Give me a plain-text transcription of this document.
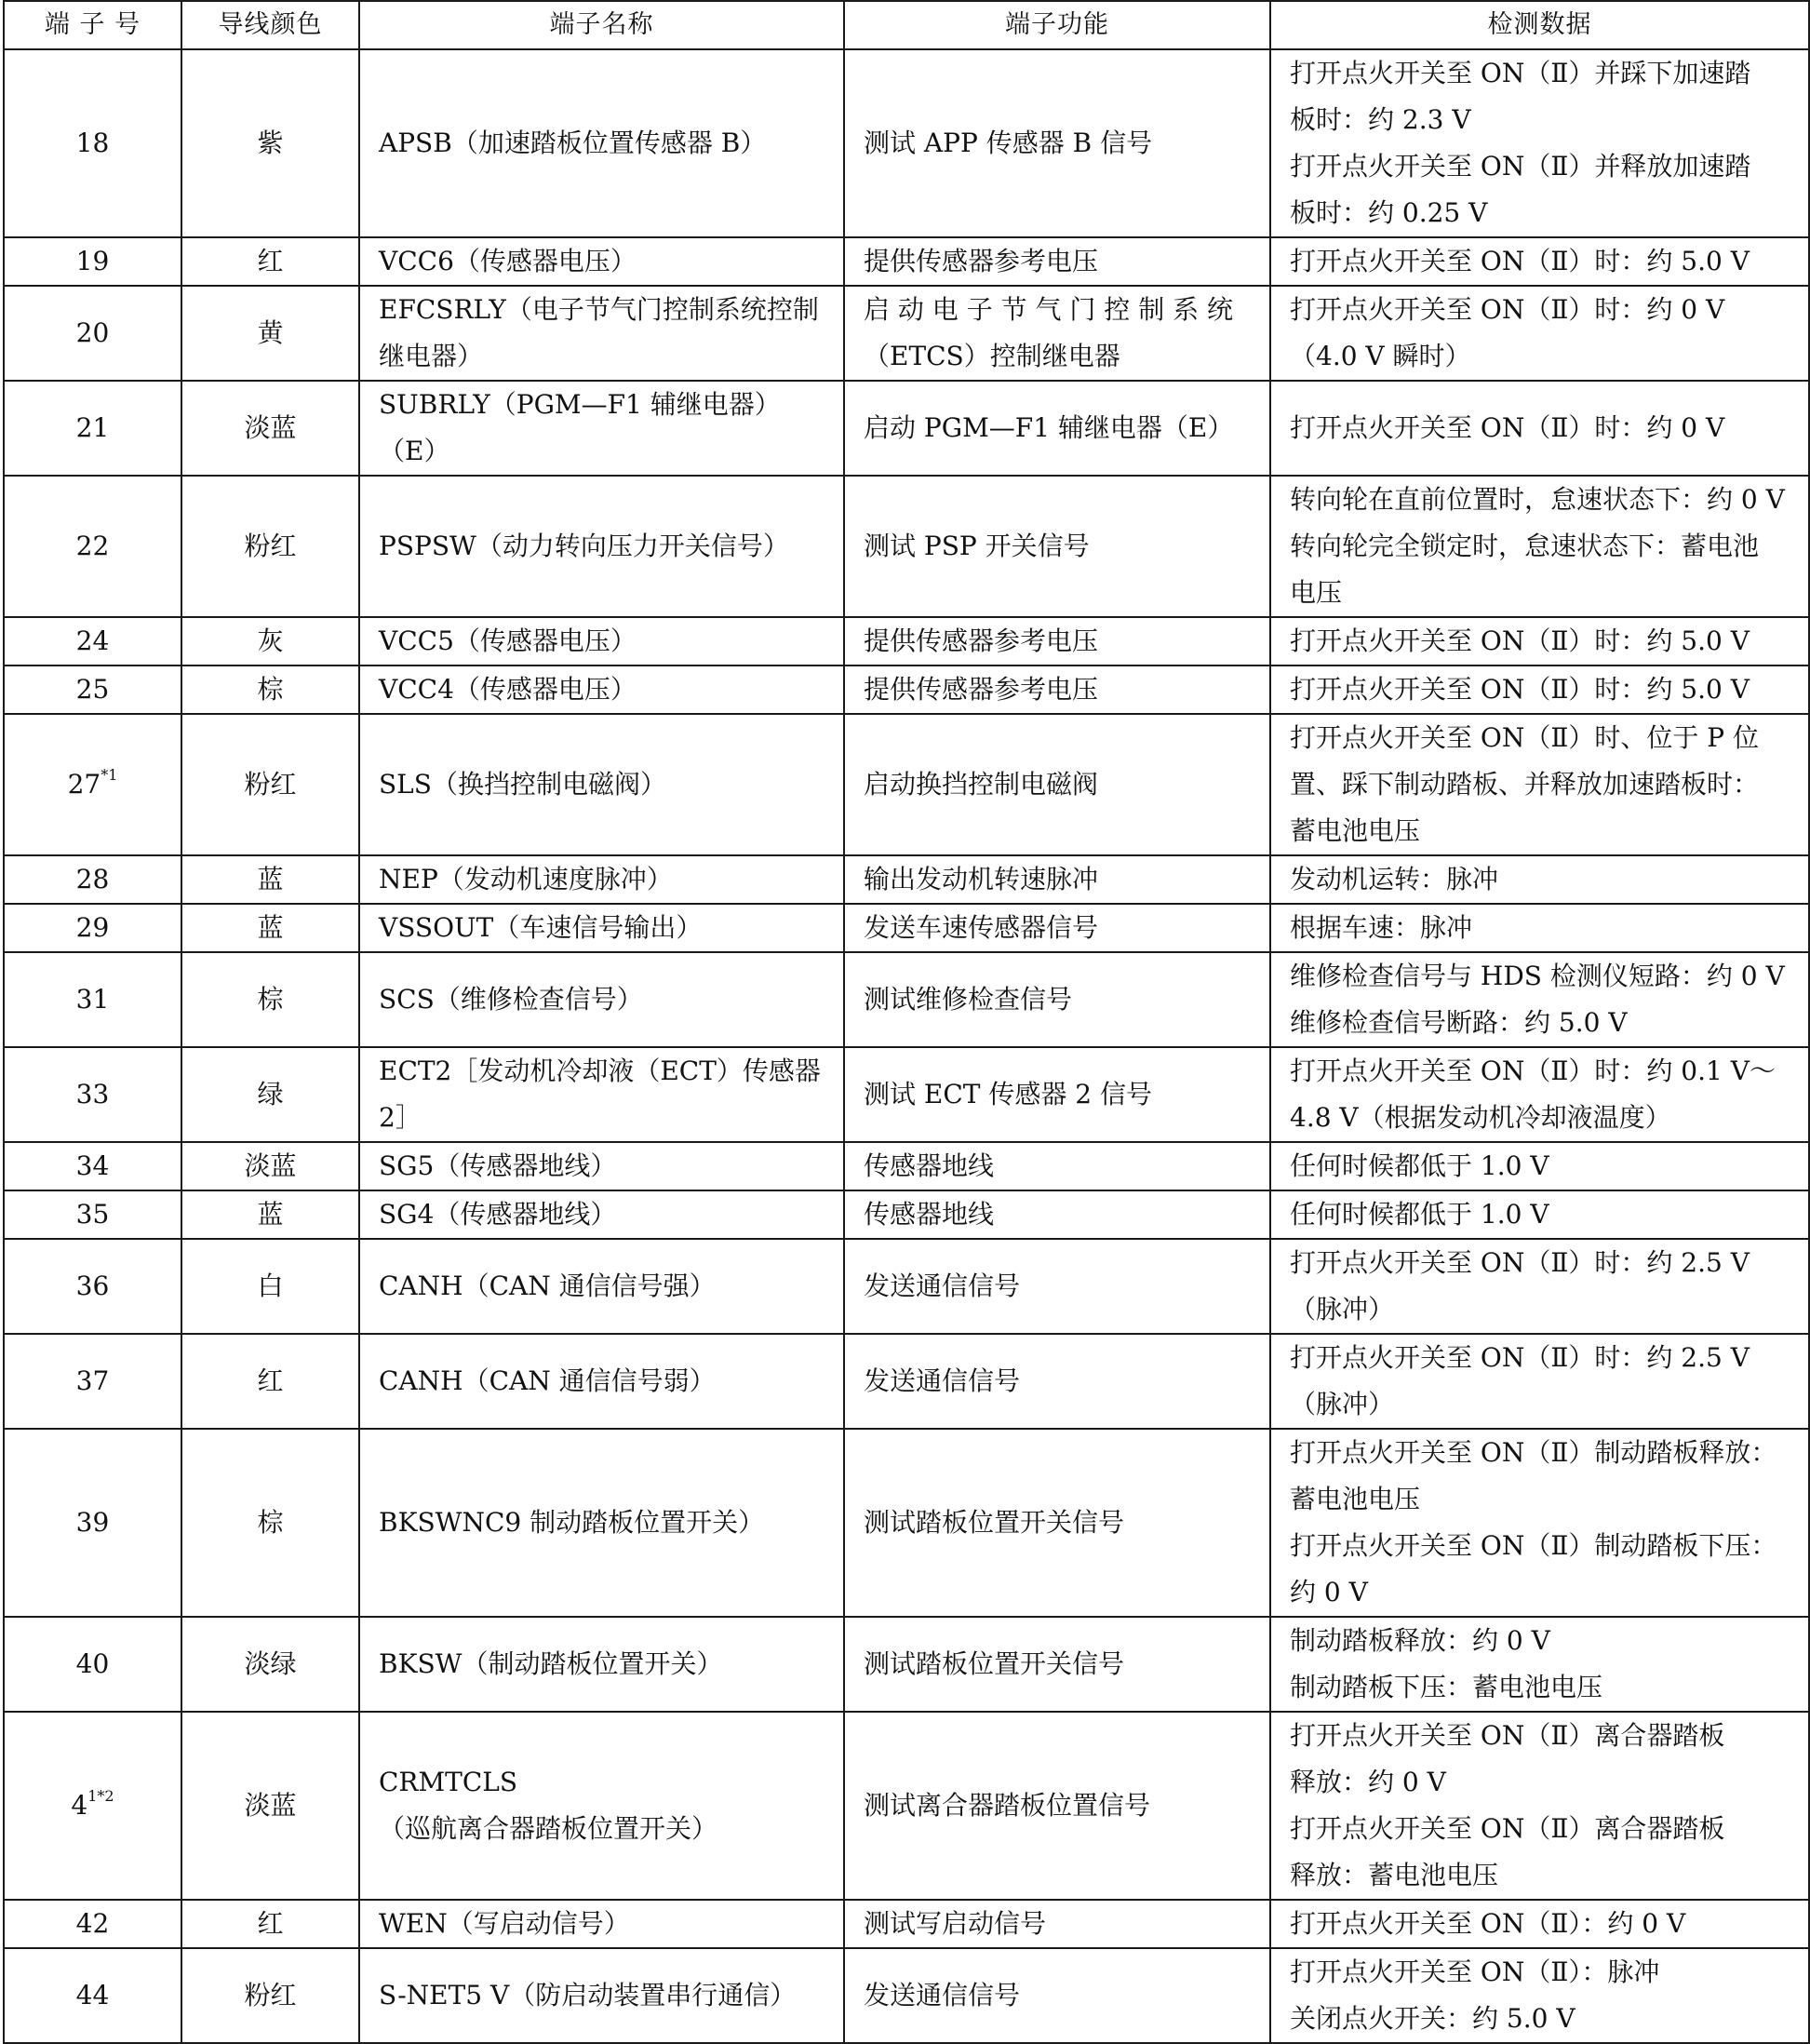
端 子 号	导线颜色	端子名称	端子功能	检测数据
18	紫	APSB（加速踏板位置传感器 B）	测试 APP 传感器 B 信号	打开点火开关至 ON（Ⅱ）并踩下加速踏
板时：约 2.3 V
打开点火开关至 ON（Ⅱ）并释放加速踏
板时：约 0.25 V

19	红	VCC6（传感器电压）	提供传感器参考电压	打开点火开关至 ON（Ⅱ）时：约 5.0 V

20	黄	EFCSRLY（电子节气门控制系统控制
继电器）	启 动 电 子 节 气 门 控 制 系 统
（ETCS）控制继电器	打开点火开关至 ON（Ⅱ）时：约 0 V
（4.0 V 瞬时）

21	淡蓝	SUBRLY（PGM—F1 辅继电器）（E）	启动 PGM—F1 辅继电器（E）	打开点火开关至 ON（Ⅱ）时：约 0 V

22	粉红	PSPSW（动力转向压力开关信号）	测试 PSP 开关信号	转向轮在直前位置时，怠速状态下：约 0 V
转向轮完全锁定时，怠速状态下：蓄电池
电压

24	灰	VCC5（传感器电压）	提供传感器参考电压	打开点火开关至 ON（Ⅱ）时：约 5.0 V

25	棕	VCC4（传感器电压）	提供传感器参考电压	打开点火开关至 ON（Ⅱ）时：约 5.0 V

27$^{*1}$	粉红	SLS（换挡控制电磁阀）	启动换挡控制电磁阀	打开点火开关至 ON（Ⅱ）时、位于 P 位
置、踩下制动踏板、并释放加速踏板时：
蓄电池电压

28	蓝	NEP（发动机速度脉冲）	输出发动机转速脉冲	发动机运转：脉冲

29	蓝	VSSOUT（车速信号输出）	发送车速传感器信号	根据车速：脉冲

31	棕	SCS（维修检查信号）	测试维修检查信号	维修检查信号与 HDS 检测仪短路：约 0 V
维修检查信号断路：约 5.0 V

33	绿	ECT2［发动机冷却液（ECT）传感器 2］	测试 ECT 传感器 2 信号	打开点火开关至 ON（Ⅱ）时：约 0.1 V～
4.8 V（根据发动机冷却液温度）

34	淡蓝	SG5（传感器地线）	传感器地线	任何时候都低于 1.0 V

35	蓝	SG4（传感器地线）	传感器地线	任何时候都低于 1.0 V

36	白	CANH（CAN 通信信号强）	发送通信信号	打开点火开关至 ON（Ⅱ）时：约 2.5 V
（脉冲）

37	红	CANH（CAN 通信信号弱）	发送通信信号	打开点火开关至 ON（Ⅱ）时：约 2.5 V
（脉冲）

39	棕	BKSWNC9 制动踏板位置开关）	测试踏板位置开关信号	打开点火开关至 ON（Ⅱ）制动踏板释放：
蓄电池电压
打开点火开关至 ON（Ⅱ）制动踏板下压：
约 0 V

40	淡绿	BKSW（制动踏板位置开关）	测试踏板位置开关信号	制动踏板释放：约 0 V
制动踏板下压：蓄电池电压

$4^{1*2}$	淡蓝	CRMTCLS
（巡航离合器踏板位置开关）	测试离合器踏板位置信号	打开点火开关至 ON（Ⅱ）离合器踏板
释放：约 0 V
打开点火开关至 ON（Ⅱ）离合器踏板
释放：蓄电池电压

42	红	WEN（写启动信号）	测试写启动信号	打开点火开关至 ON（Ⅱ）：约 0 V

44	粉红	S-NET5 V（防启动装置串行通信）	发送通信信号	打开点火开关至 ON（Ⅱ）：脉冲
关闭点火开关：约 5.0 V
